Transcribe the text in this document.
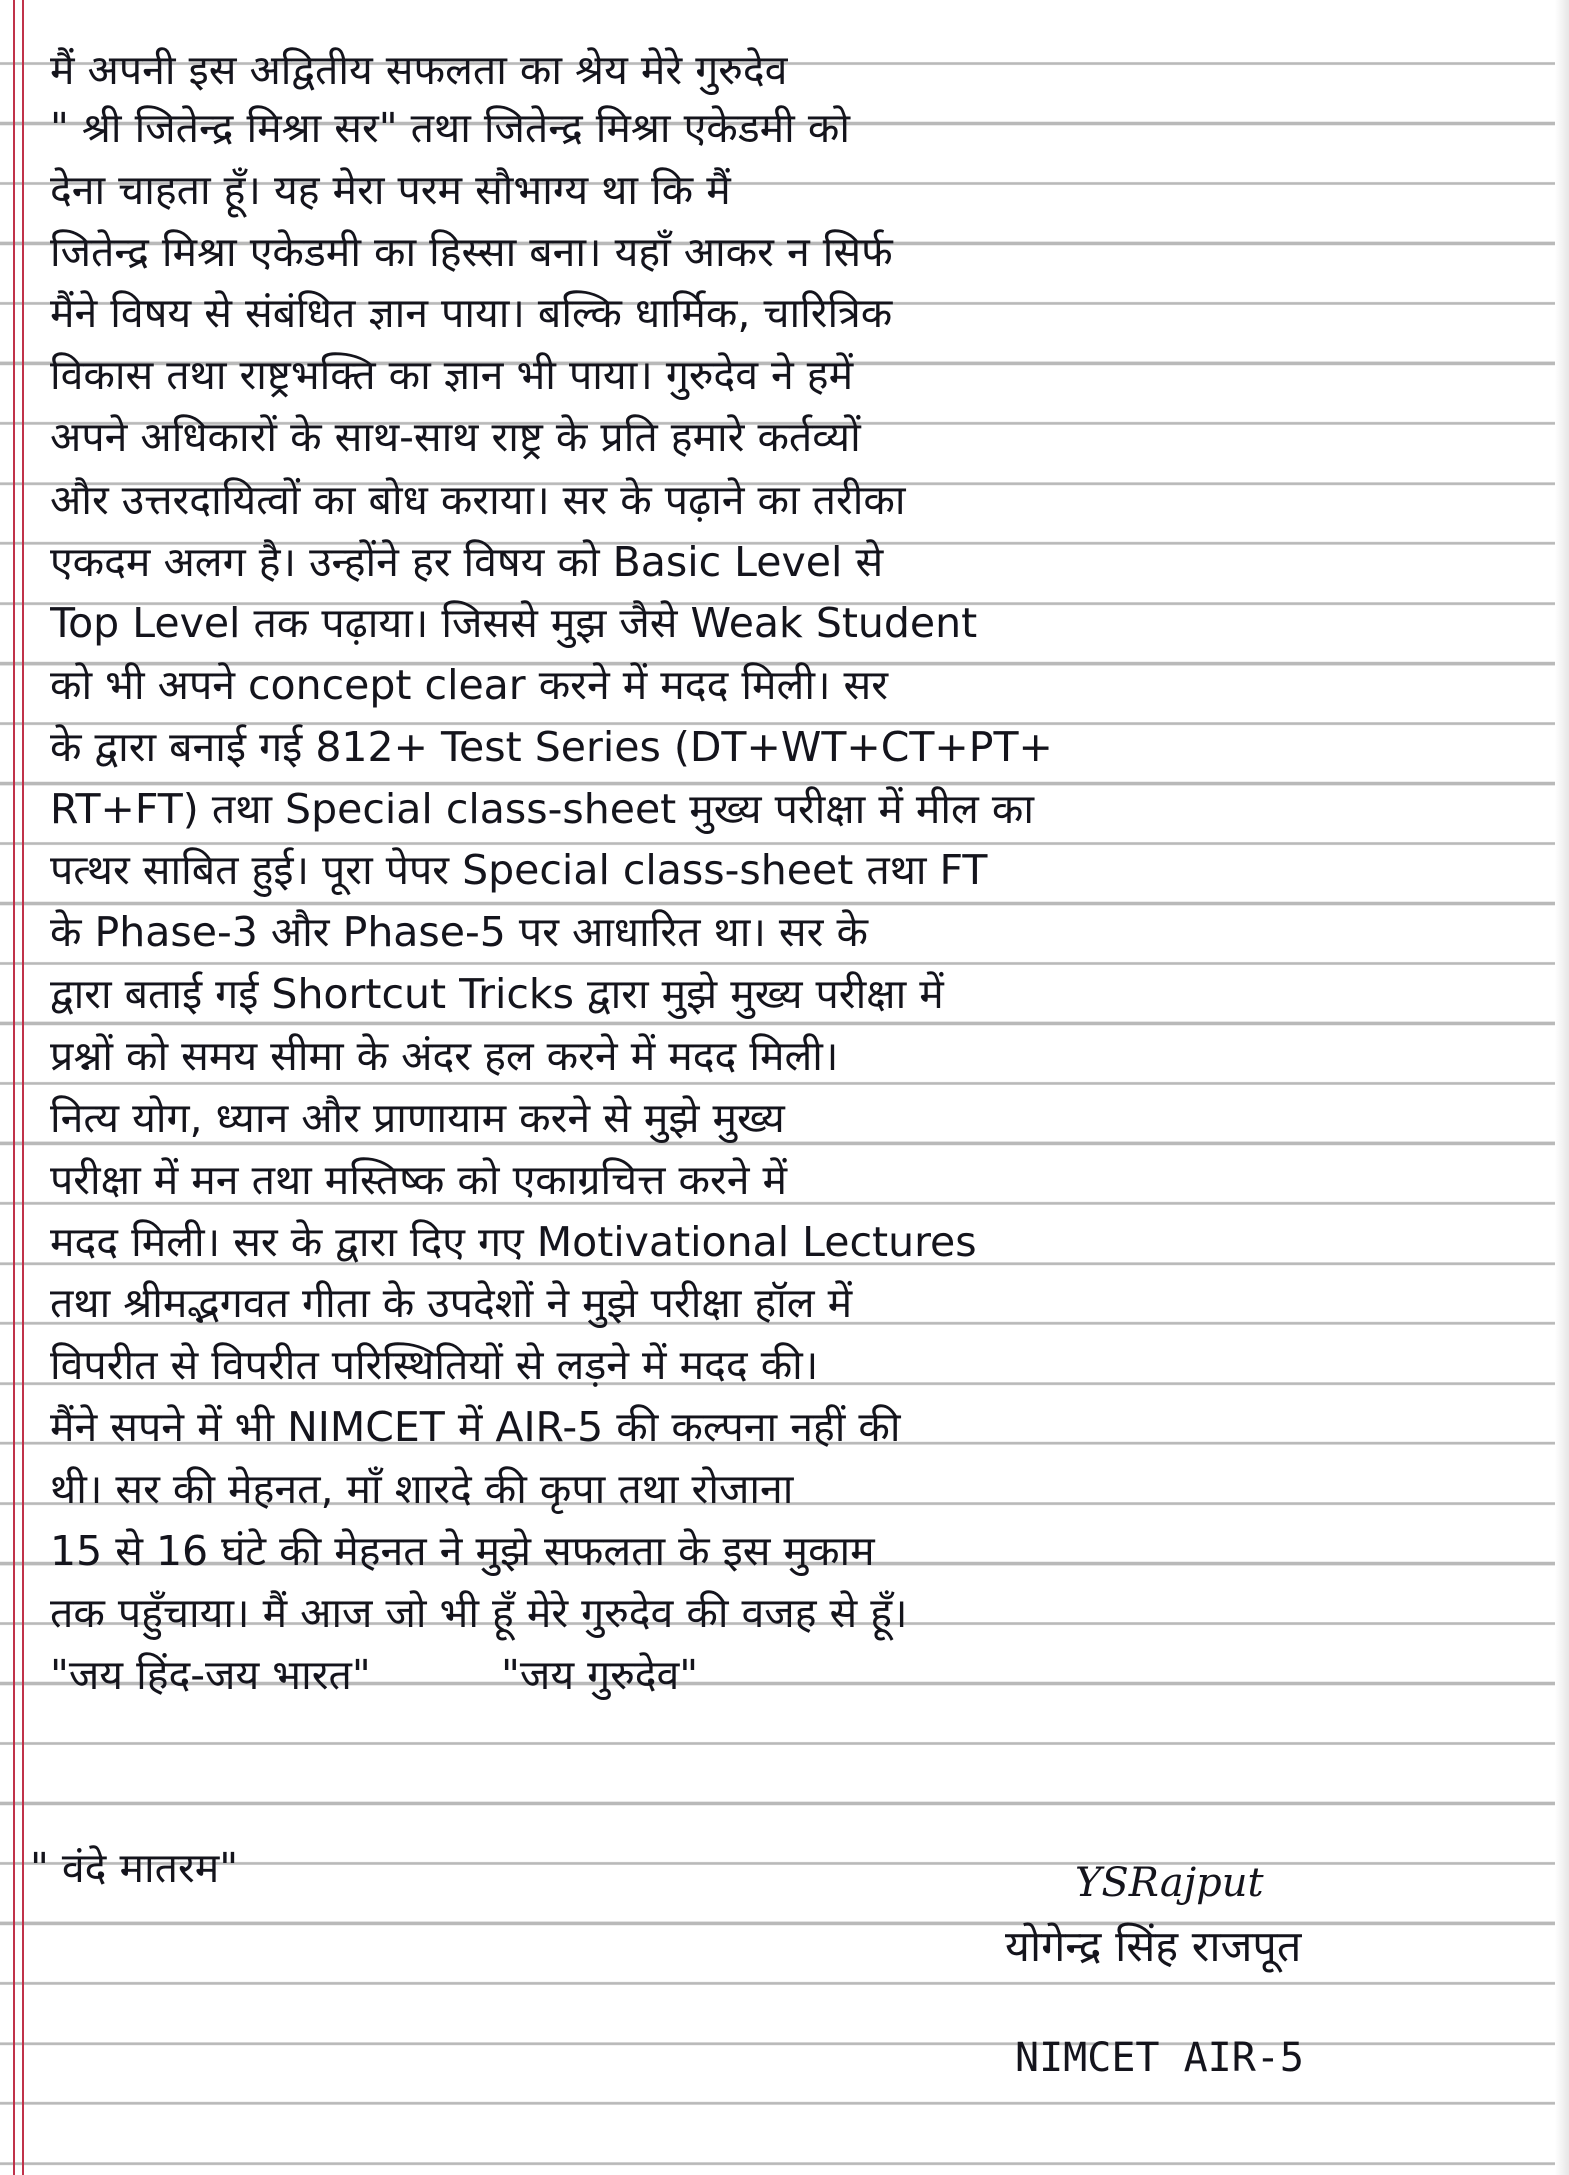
मैं अपनी इस अद्वितीय सफलता का श्रेय मेरे गुरुदेव
" श्री जितेन्द्र मिश्रा सर" तथा जितेन्द्र मिश्रा एकेडमी को
देना चाहता हूँ। यह मेरा परम सौभाग्य था कि मैं
जितेन्द्र मिश्रा एकेडमी का हिस्सा बना। यहाँ आकर न सिर्फ
मैंने विषय से संबंधित ज्ञान पाया। बल्कि धार्मिक, चारित्रिक
विकास तथा राष्ट्रभक्ति का ज्ञान भी पाया। गुरुदेव ने हमें
अपने अधिकारों के साथ-साथ राष्ट्र के प्रति हमारे कर्तव्यों
और उत्तरदायित्वों का बोध कराया। सर के पढ़ाने का तरीका
एकदम अलग है। उन्होंने हर विषय को Basic Level से
Top Level तक पढ़ाया। जिससे मुझ जैसे Weak Student
को भी अपने concept clear करने में मदद मिली। सर
के द्वारा बनाई गई 812+ Test Series (DT+WT+CT+PT+
RT+FT) तथा Special class-sheet मुख्य परीक्षा में मील का
पत्थर साबित हुई। पूरा पेपर Special class-sheet तथा FT
के Phase-3 और Phase-5 पर आधारित था। सर के
द्वारा बताई गई Shortcut Tricks द्वारा मुझे मुख्य परीक्षा में
प्रश्नों को समय सीमा के अंदर हल करने में मदद मिली।
नित्य योग, ध्यान और प्राणायाम करने से मुझे मुख्य
परीक्षा में मन तथा मस्तिष्क को एकाग्रचित्त करने में
मदद मिली। सर के द्वारा दिए गए Motivational Lectures
तथा श्रीमद्भगवत गीता के उपदेशों ने मुझे परीक्षा हॉल में
विपरीत से विपरीत परिस्थितियों से लड़ने में मदद की।
मैंने सपने में भी NIMCET में AIR-5 की कल्पना नहीं की
थी। सर की मेहनत, माँ शारदे की कृपा तथा रोजाना
15 से 16 घंटे की मेहनत ने मुझे सफलता के इस मुकाम
तक पहुँचाया। मैं आज जो भी हूँ मेरे गुरुदेव की वजह से हूँ।
"जय हिंद-जय भारत"          "जय गुरुदेव"
" वंदे मातरम"	YSRajput
योगेन्द्र सिंह राजपूत
NIMCET AIR-5
